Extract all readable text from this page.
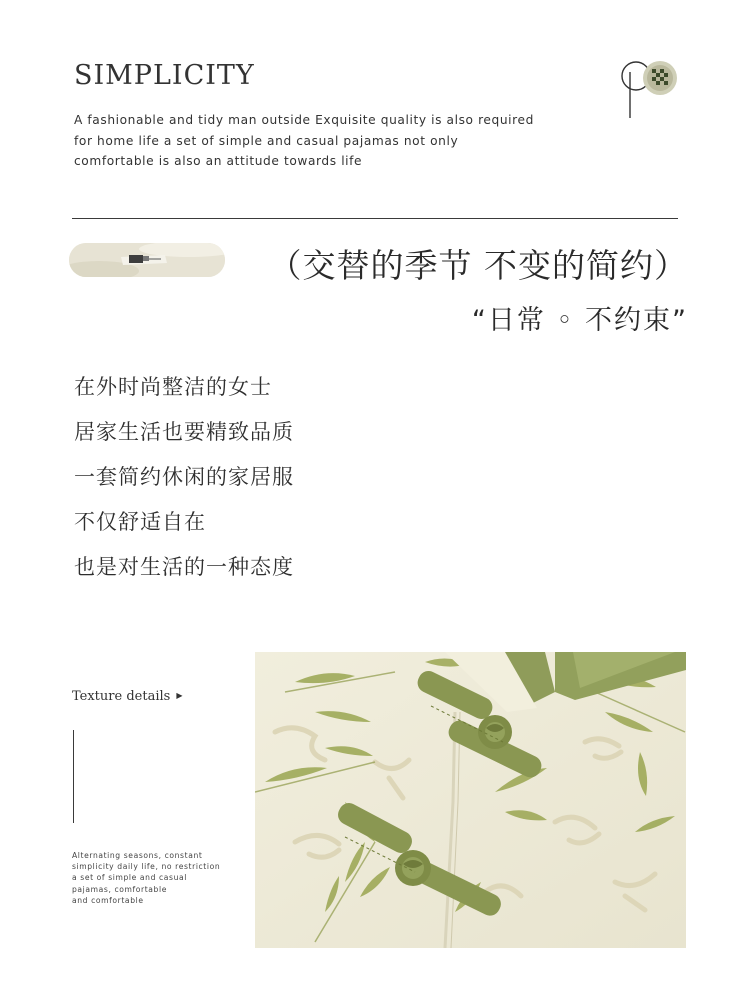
SIMPLICITY
A fashionable and tidy man outside Exquisite quality is also required
for home life a set of simple and casual pajamas not only
comfortable is also an attitude towards life
（交替的季节 不变的简约）
“日常 ◦ 不约束”
在外时尚整洁的女士
居家生活也要精致品质
一套简约休闲的家居服
不仅舒适自在
也是对生活的一种态度
Texture details ▶
Alternating seasons, constant
simplicity daily life, no restriction
a set of simple and casual
pajamas, comfortable
and comfortable
